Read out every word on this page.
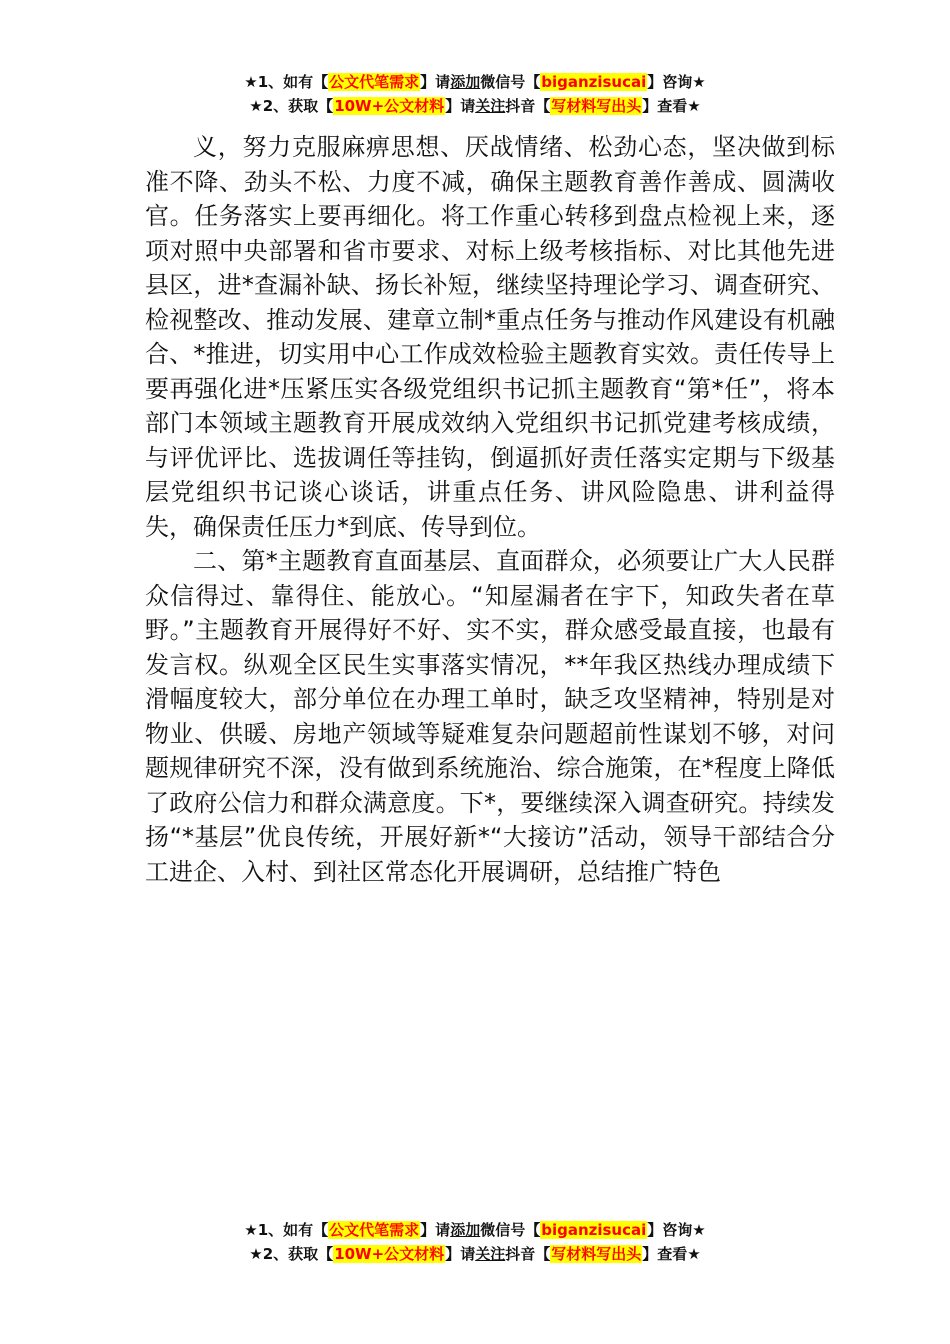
★1、如有【公文代笔需求】请添加微信号【biganzisucai】咨询★
★2、获取【10W+公文材料】请关注抖音【写材料写出头】查看★

义，努力克服麻痹思想、厌战情绪、松劲心态，坚决做到标准不降、劲头不松、力度不减，确保主题教育善作善成、圆满收官。任务落实上要再细化。将工作重心转移到盘点检视上来，逐项对照中央部署和省市要求、对标上级考核指标、对比其他先进县区，进*查漏补缺、扬长补短，继续坚持理论学习、调查研究、检视整改、推动发展、建章立制*重点任务与推动作风建设有机融合、*推进，切实用中心工作成效检验主题教育实效。责任传导上要再强化进*压紧压实各级党组织书记抓主题教育“第*任”，将本部门本领域主题教育开展成效纳入党组织书记抓党建考核成绩，与评优评比、选拔调任等挂钩，倒逼抓好责任落实定期与下级基层党组织书记谈心谈话，讲重点任务、讲风险隐患、讲利益得失，确保责任压力*到底、传导到位。

二、第*主题教育直面基层、直面群众，必须要让广大人民群众信得过、靠得住、能放心。“知屋漏者在宇下，知政失者在草野。”主题教育开展得好不好、实不实，群众感受最直接，也最有发言权。纵观全区民生实事落实情况，**年我区热线办理成绩下滑幅度较大，部分单位在办理工单时，缺乏攻坚精神，特别是对物业、供暖、房地产领域等疑难复杂问题超前性谋划不够，对问题规律研究不深，没有做到系统施治、综合施策，在*程度上降低了政府公信力和群众满意度。下*，要继续深入调查研究。持续发扬“*基层”优良传统，开展好新*“大接访”活动，领导干部结合分工进企、入村、到社区常态化开展调研，总结推广特色

★1、如有【公文代笔需求】请添加微信号【biganzisucai】咨询★
★2、获取【10W+公文材料】请关注抖音【写材料写出头】查看★
